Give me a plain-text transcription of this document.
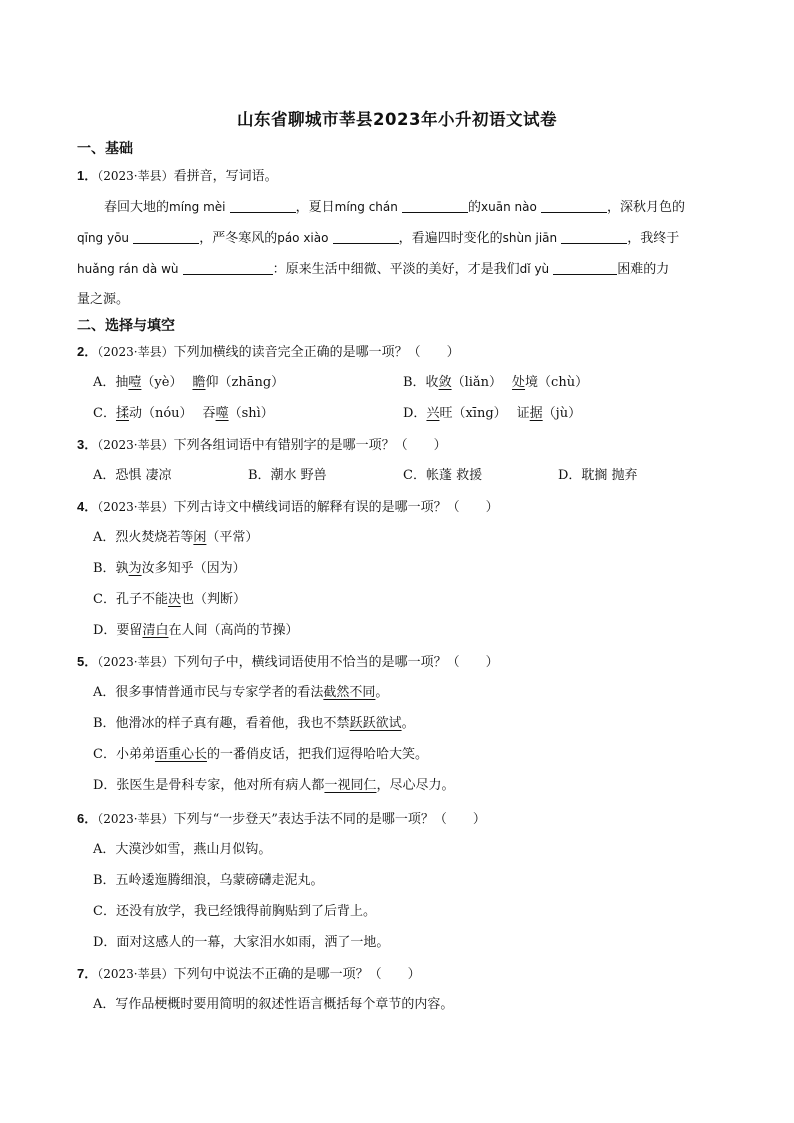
山东省聊城市莘县2023年小升初语文试卷
一、基础
1．（2023·莘县）看拼音，写词语。
春回大地的míng mèi	，夏日míng chán	的xuān nào	，深秋月色的
qīng yōu	，严冬寒风的páo xiào	，看遍四时变化的shùn jiān	，我终于
huǎng rán dà wù	：原来生活中细微、平淡的美好，才是我们dǐ yù	困难的力
量之源。
二、选择与填空
2．（2023·莘县）下列加横线的读音完全正确的是哪一项？（　　）
A．抽噎（yè） 瞻仰（zhāng）	B．收敛（liǎn） 处境（chù）
C．揉动（nóu） 吞噬（shì）	D．兴旺（xīng） 证据（jù）
3．（2023·莘县）下列各组词语中有错别字的是哪一项？（　　）
A．恐惧 凄凉	B．潮水 野兽	C．帐蓬 救援	D．耽搁 抛弃
4．（2023·莘县）下列古诗文中横线词语的解释有误的是哪一项？（　　）
A．烈火焚烧若等闲（平常）
B．孰为汝多知乎（因为）
C．孔子不能决也（判断）
D．要留清白在人间（高尚的节操）
5．（2023·莘县）下列句子中，横线词语使用不恰当的是哪一项？（　　）
A．很多事情普通市民与专家学者的看法截然不同。
B．他滑冰的样子真有趣，看着他，我也不禁跃跃欲试。
C．小弟弟语重心长的一番俏皮话，把我们逗得哈哈大笑。
D．张医生是骨科专家，他对所有病人都一视同仁，尽心尽力。
6．（2023·莘县）下列与“一步登天”表达手法不同的是哪一项？（　　）
A．大漠沙如雪，燕山月似钩。
B．五岭逶迤腾细浪，乌蒙磅礴走泥丸。
C．还没有放学，我已经饿得前胸贴到了后背上。
D．面对这感人的一幕，大家泪水如雨，洒了一地。
7．（2023·莘县）下列句中说法不正确的是哪一项？（　　）
A．写作品梗概时要用简明的叙述性语言概括每个章节的内容。
